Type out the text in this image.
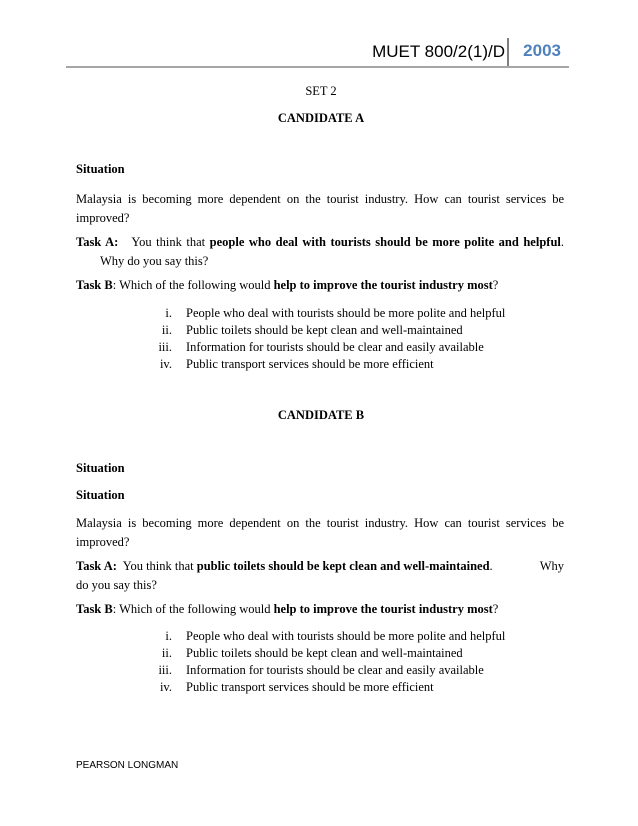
MUET 800/2(1)/D 2003
SET 2
CANDIDATE A
Situation
Malaysia is becoming more dependent on the tourist industry. How can tourist services be
improved?
Task A: You think that people who deal with tourists should be more polite and helpful.
Why do you say this?
Task B: Which of the following would help to improve the tourist industry most?
i.	People who deal with tourists should be more polite and helpful
ii.	Public toilets should be kept clean and well-maintained
iii.	Information for tourists should be clear and easily available
iv.	Public transport services should be more efficient
CANDIDATE B
Situation
Situation
Malaysia is becoming more dependent on the tourist industry. How can tourist services be
improved?
Task A: You think that public toilets should be kept clean and well-maintained.	Why
do you say this?
Task B: Which of the following would help to improve the tourist industry most?
i.	People who deal with tourists should be more polite and helpful
ii.	Public toilets should be kept clean and well-maintained
iii.	Information for tourists should be clear and easily available
iv.	Public transport services should be more efficient
PEARSON LONGMAN
